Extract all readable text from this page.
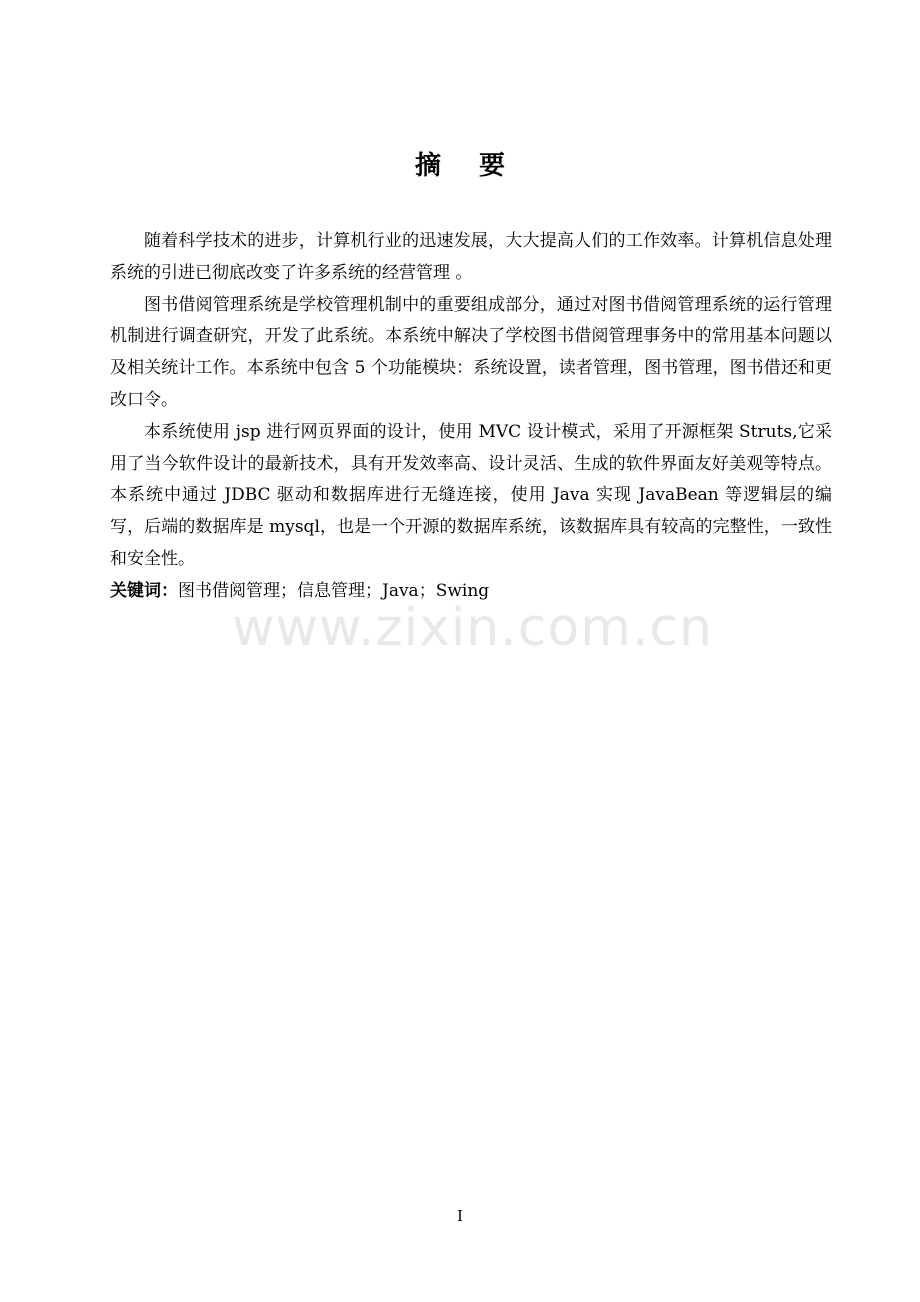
摘要

随着科学技术的进步，计算机行业的迅速发展，大大提高人们的工作效率。计算机信息处理系统的引进已彻底改变了许多系统的经营管理 。

图书借阅管理系统是学校管理机制中的重要组成部分，通过对图书借阅管理系统的运行管理机制进行调查研究，开发了此系统。本系统中解决了学校图书借阅管理事务中的常用基本问题以及相关统计工作。本系统中包含 5 个功能模块：系统设置，读者管理，图书管理，图书借还和更改口令。

本系统使用 jsp 进行网页界面的设计，使用 MVC 设计模式，采用了开源框架 Struts,它采用了当今软件设计的最新技术，具有开发效率高、设计灵活、生成的软件界面友好美观等特点。本系统中通过 JDBC 驱动和数据库进行无缝连接，使用 Java 实现 JavaBean 等逻辑层的编写，后端的数据库是 mysql，也是一个开源的数据库系统，该数据库具有较高的完整性，一致性和安全性。

关键词：图书借阅管理；信息管理；Java；Swing

www.zixin.com.cn
I
